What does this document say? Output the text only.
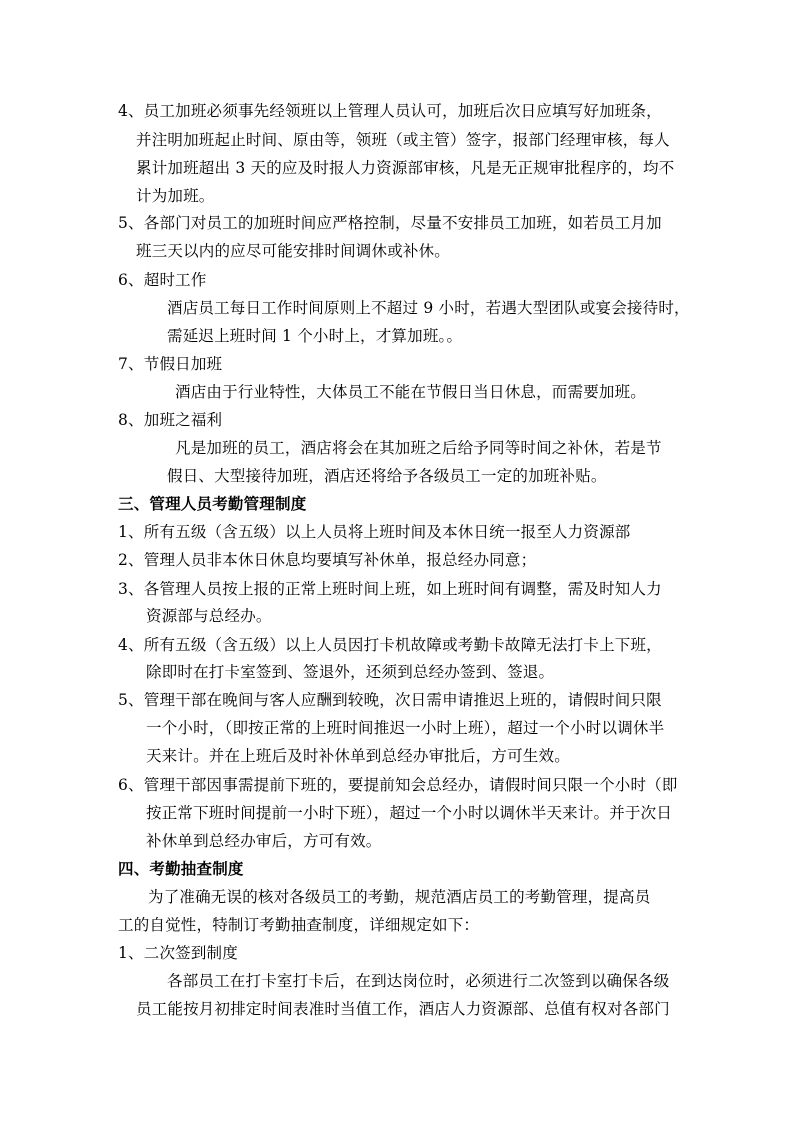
4、员工加班必须事先经领班以上管理人员认可，加班后次日应填写好加班条，
并注明加班起止时间、原由等，领班（或主管）签字，报部门经理审核，每人
累计加班超出 3 天的应及时报人力资源部审核，凡是无正规审批程序的，均不
计为加班。
5、各部门对员工的加班时间应严格控制，尽量不安排员工加班，如若员工月加
班三天以内的应尽可能安排时间调休或补休。
6、超时工作
酒店员工每日工作时间原则上不超过 9 小时，若遇大型团队或宴会接待时，
需延迟上班时间 1 个小时上，才算加班。。
7、节假日加班
酒店由于行业特性，大体员工不能在节假日当日休息，而需要加班。
8、加班之福利
凡是加班的员工，酒店将会在其加班之后给予同等时间之补休，若是节
假日、大型接待加班，酒店还将给予各级员工一定的加班补贴。
三、管理人员考勤管理制度
1、所有五级（含五级）以上人员将上班时间及本休日统一报至人力资源部
2、管理人员非本休日休息均要填写补休单，报总经办同意；
3、各管理人员按上报的正常上班时间上班，如上班时间有调整，需及时知人力
资源部与总经办。
4、所有五级（含五级）以上人员因打卡机故障或考勤卡故障无法打卡上下班，
除即时在打卡室签到、签退外，还须到总经办签到、签退。
5、管理干部在晚间与客人应酬到较晚，次日需申请推迟上班的，请假时间只限
一个小时，（即按正常的上班时间推迟一小时上班），超过一个小时以调休半
天来计。并在上班后及时补休单到总经办审批后，方可生效。
6、管理干部因事需提前下班的，要提前知会总经办，请假时间只限一个小时（即
按正常下班时间提前一小时下班），超过一个小时以调休半天来计。并于次日
补休单到总经办审后，方可有效。
四、考勤抽查制度
为了准确无误的核对各级员工的考勤，规范酒店员工的考勤管理，提高员
工的自觉性，特制订考勤抽查制度，详细规定如下：
1、二次签到制度
各部员工在打卡室打卡后，在到达岗位时，必须进行二次签到以确保各级
员工能按月初排定时间表准时当值工作，酒店人力资源部、总值有权对各部门
